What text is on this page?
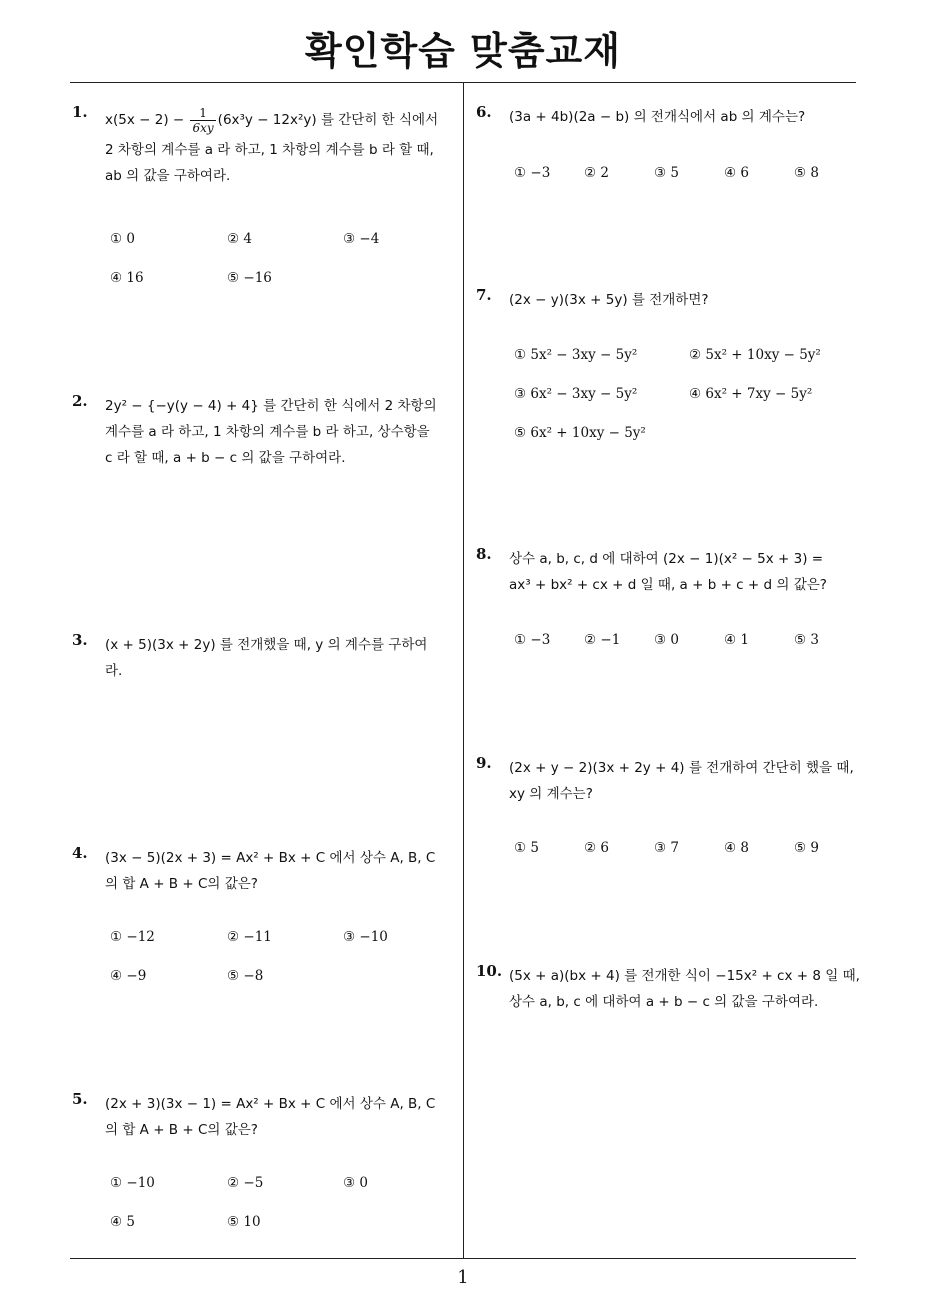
확인학습 맞춤교재
1
1. $x(5x - 2) - \frac{1}{6xy} (6x^3y - 12x^2y)$ 를 간단히 한 식에서
2 차항의 계수를 a 라 하고, 1 차항의 계수를 b 라 할 때,
ab 의 값을 구하여라.
① 0	② 4	③ −4
④ 16	⑤ −16
2. 2y² − {−y(y − 4) + 4} 를 간단히 한 식에서 2 차항의
계수를 a 라 하고, 1 차항의 계수를 b 라 하고, 상수항을
c 라 할 때, a + b − c 의 값을 구하여라.
3. (x + 5)(3x + 2y) 를 전개했을 때, y 의 계수를 구하여
라.
4. (3x − 5)(2x + 3) = Ax² + Bx + C 에서 상수 A, B, C
의 합 A + B + C의 값은?
① −12	② −11	③ −10
④ −9	⑤ −8
5. (2x + 3)(3x − 1) = Ax² + Bx + C 에서 상수 A, B, C
의 합 A + B + C의 값은?
① −10	② −5	③ 0
④ 5	⑤ 10
6. (3a + 4b)(2a − b) 의 전개식에서 ab 의 계수는?
① −3 ② 2	③ 5	④ 6	⑤ 8
7. (2x − y)(3x + 5y) 를 전개하면?
① 5x² − 3xy − 5y²	② 5x² + 10xy − 5y²
③ 6x² − 3xy − 5y²	④ 6x² + 7xy − 5y²
⑤ 6x² + 10xy − 5y²
8. 상수 a, b, c, d 에 대하여 (2x − 1)(x² − 5x + 3) =
ax³ + bx² + cx + d 일 때, a + b + c + d 의 값은?
① −3 ② −1 ③ 0	④ 1	⑤ 3
9. (2x + y − 2)(3x + 2y + 4) 를 전개하여 간단히 했을 때,
xy 의 계수는?
① 5	② 6	③ 7	④ 8	⑤ 9
10. (5x + a)(bx + 4) 를 전개한 식이 −15x² + cx + 8 일 때,
상수 a, b, c 에 대하여 a + b − c 의 값을 구하여라.
